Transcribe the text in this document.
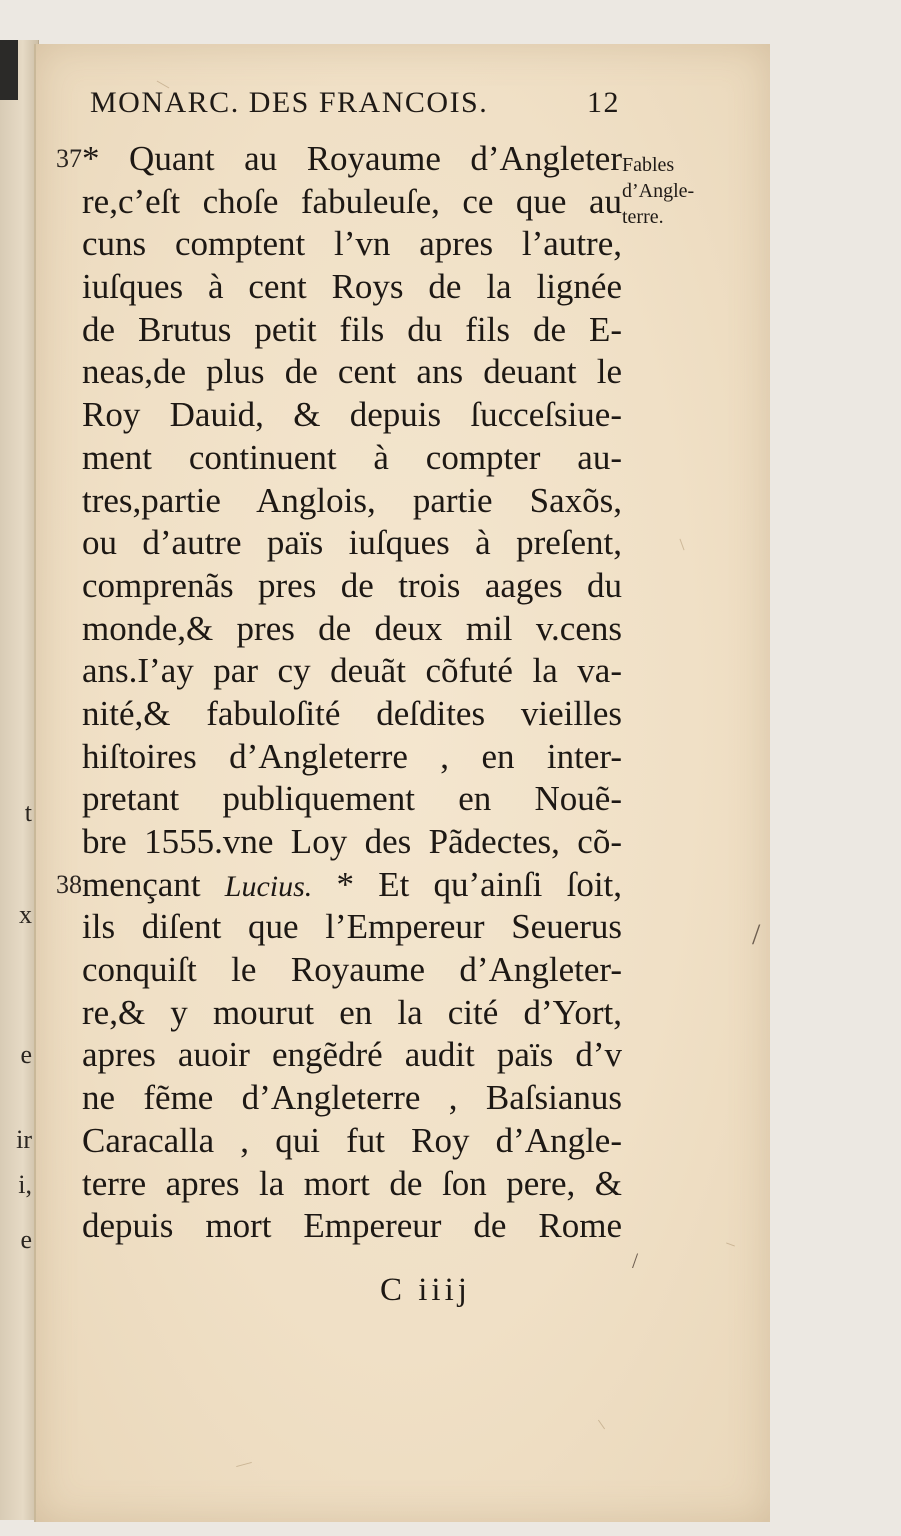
t
x
e
ir
i,
e
MONARC. DES FRANCOIS.	12
Fables
d’Angle-
terre.
37 * Quant au Royaume d’Angleter
re,c’eſt choſe fabuleuſe, ce que au
cuns comptent l’vn apres l’autre,
iuſques à cent Roys de la lignée
de Brutus petit fils du fils de E-
neas,de plus de cent ans deuant le
Roy Dauid, & depuis ſucceſsiue-
ment continuent à compter au-
tres,partie Anglois, partie Saxõs,
ou d’autre païs iuſques à preſent,
comprenãs pres de trois aages du
monde,& pres de deux mil v.cens
ans.I’ay par cy deuãt cõfuté la va-
nité,& fabuloſité deſdites vieilles
hiſtoires d’Angleterre , en inter-
pretant publiquement en Nouẽ-
bre 1555.vne Loy des Pãdectes, cõ-
38 mençant Lucius. * Et qu’ainſi ſoit,
ils diſent que l’Empereur Seuerus
conquiſt le Royaume d’Angleter-
re,& y mourut en la cité d’Yort,
apres auoir engẽdré audit païs d’v
ne fẽme d’Angleterre , Baſsianus
Caracalla , qui fut Roy d’Angle-
terre apres la mort de ſon pere, &
depuis mort Empereur de Rome
C iiij
/
/
